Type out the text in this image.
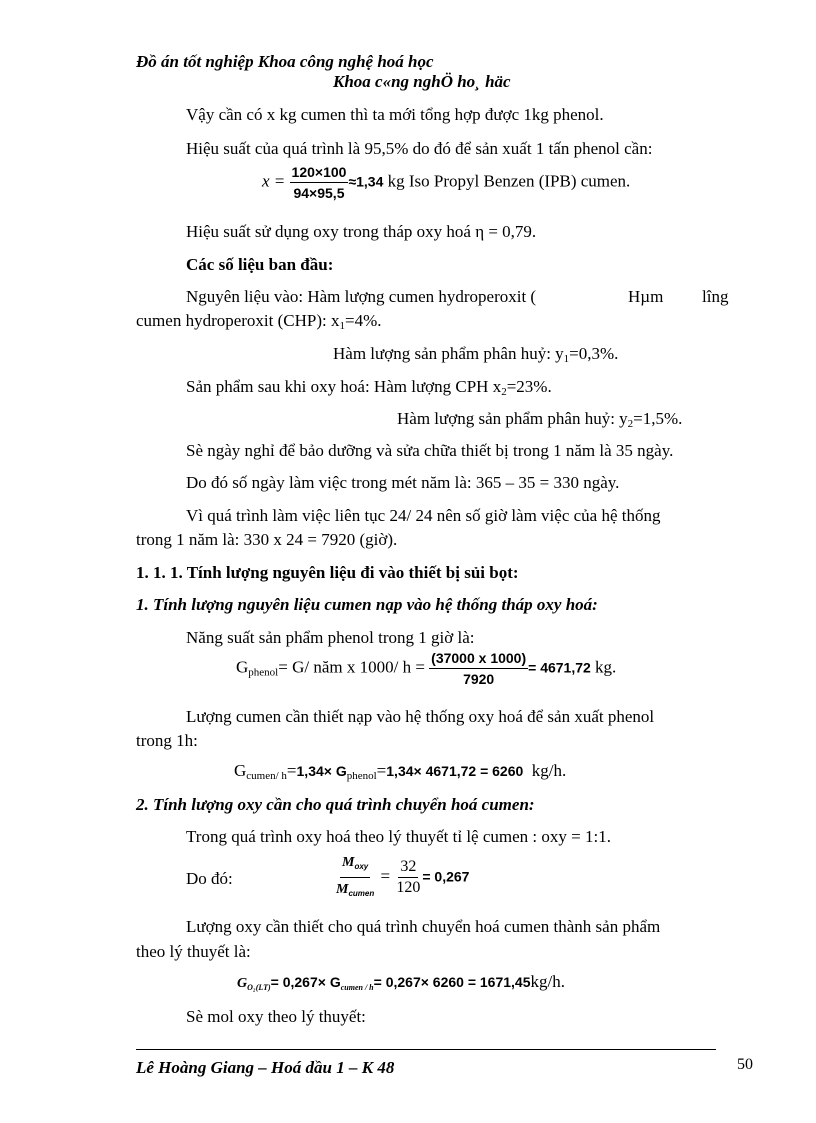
Đồ án tốt nghiệp Khoa công nghệ hoá học
Khoa c«ng nghÖ ho¸ häc
Vậy cần có x kg cumen thì ta mới tổng hợp được 1kg phenol.
Hiệu suất của quá trình là 95,5% do đó để sản xuất 1 tấn phenol cần:
$x = \frac{120\times 100}{94\times 95,5} \approx 1,34$ kg Iso Propyl Benzen (IPB) cumen.
Hiệu suất sử dụng oxy trong tháp oxy hoá η = 0,79.
Các số liệu ban đầu:
Nguyên liệu vào: Hàm lượng cumen hydroperoxit (	Hµm lîng
cumen hydroperoxit (CHP): $x_1=4\%$.
Hàm lượng sản phẩm phân huỷ: $y_1=0,3\%$.
Sản phẩm sau khi oxy hoá: Hàm lượng CPH $x_2=23\%$.
Hàm lượng sản phẩm phân huỷ: $y_2=1,5\%$.
Sè ngày nghỉ để bảo dưỡng và sửa chữa thiết bị trong 1 năm là 35 ngày.
Do đó số ngày làm việc trong mét năm là: 365 – 35 = 330 ngày.
Vì quá trình làm việc liên tục 24/ 24 nên số giờ làm việc của hệ thống
trong 1 năm là: 330 x 24 = 7920 (giờ).
1. 1. 1. Tính lượng nguyên liệu đi vào thiết bị sủi bọt:
1. Tính lượng nguyên liệu cumen nạp vào hệ thống tháp oxy hoá:
Năng suất sản phẩm phenol trong 1 giờ là:
$G_{phenol}= G/$ năm x 1000/ $h = \frac{(37000 x 1000)}{7920} = 4671,72$ kg.
Lượng cumen cần thiết nạp vào hệ thống oxy hoá để sản xuất phenol
trong 1h:
$G_{cumen/ h}=1,34\times G_{phenol}=1,34\times 4671,72 = 6260$ kg/h.
2. Tính lượng oxy cần cho quá trình chuyển hoá cumen:
Trong quá trình oxy hoá theo lý thuyết tỉ lệ cumen : oxy = 1:1.
Do đó:	$\frac{M_{oxy}}{M_{cumen}} = \frac{32}{120} = 0,267$
Lượng oxy cần thiết cho quá trình chuyển hoá cumen thành sản phẩm
theo lý thuyết là:
GO₂(LT)= 0,267× Gcumen / h= 0,267× 6260 = 1671,45kg/h.
Sè mol oxy theo lý thuyết:
Lê Hoàng Giang – Hoá dầu 1 – K 48	50
